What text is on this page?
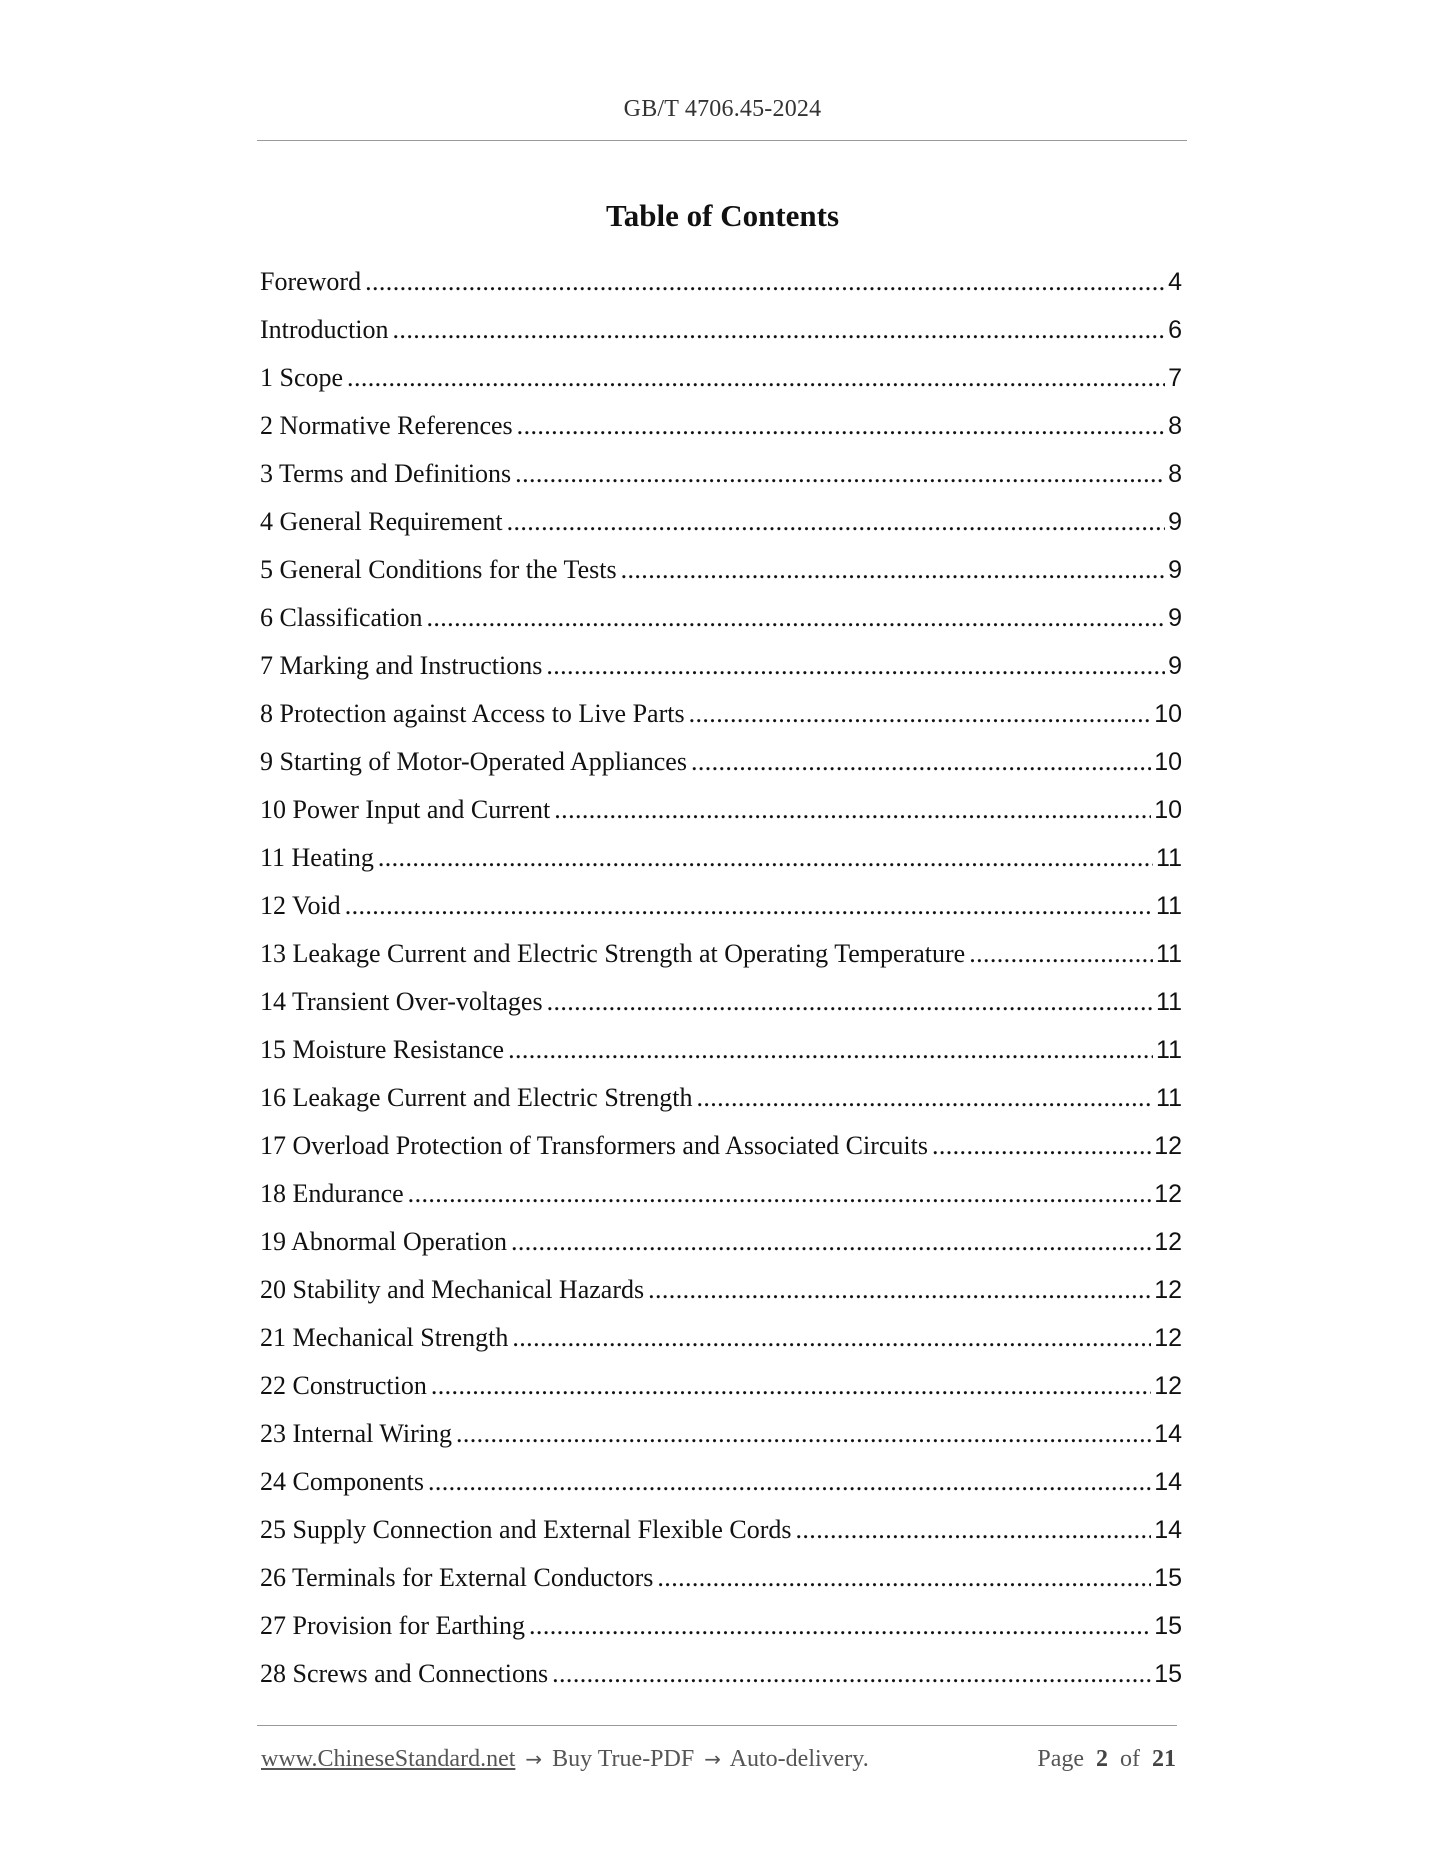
GB/T 4706.45-2024
Table of Contents
Foreword .....	4
Introduction .....	6
1 Scope .....	7
2 Normative References .....	8
3 Terms and Definitions .....	8
4 General Requirement .....	9
5 General Conditions for the Tests .....	9
6 Classification .....	9
7 Marking and Instructions .....	9
8 Protection against Access to Live Parts .....	10
9 Starting of Motor-Operated Appliances .....	10
10 Power Input and Current .....	10
11 Heating .....	11
12 Void .....	11
13 Leakage Current and Electric Strength at Operating Temperature .....	11
14 Transient Over-voltages .....	11
15 Moisture Resistance .....	11
16 Leakage Current and Electric Strength .....	11
17 Overload Protection of Transformers and Associated Circuits .....	12
18 Endurance .....	12
19 Abnormal Operation .....	12
20 Stability and Mechanical Hazards .....	12
21 Mechanical Strength .....	12
22 Construction .....	12
23 Internal Wiring .....	14
24 Components .....	14
25 Supply Connection and External Flexible Cords .....	14
26 Terminals for External Conductors .....	15
27 Provision for Earthing .....	15
28 Screws and Connections .....	15
www.ChineseStandard.net → Buy True-PDF → Auto-delivery.	Page 2 of 21
